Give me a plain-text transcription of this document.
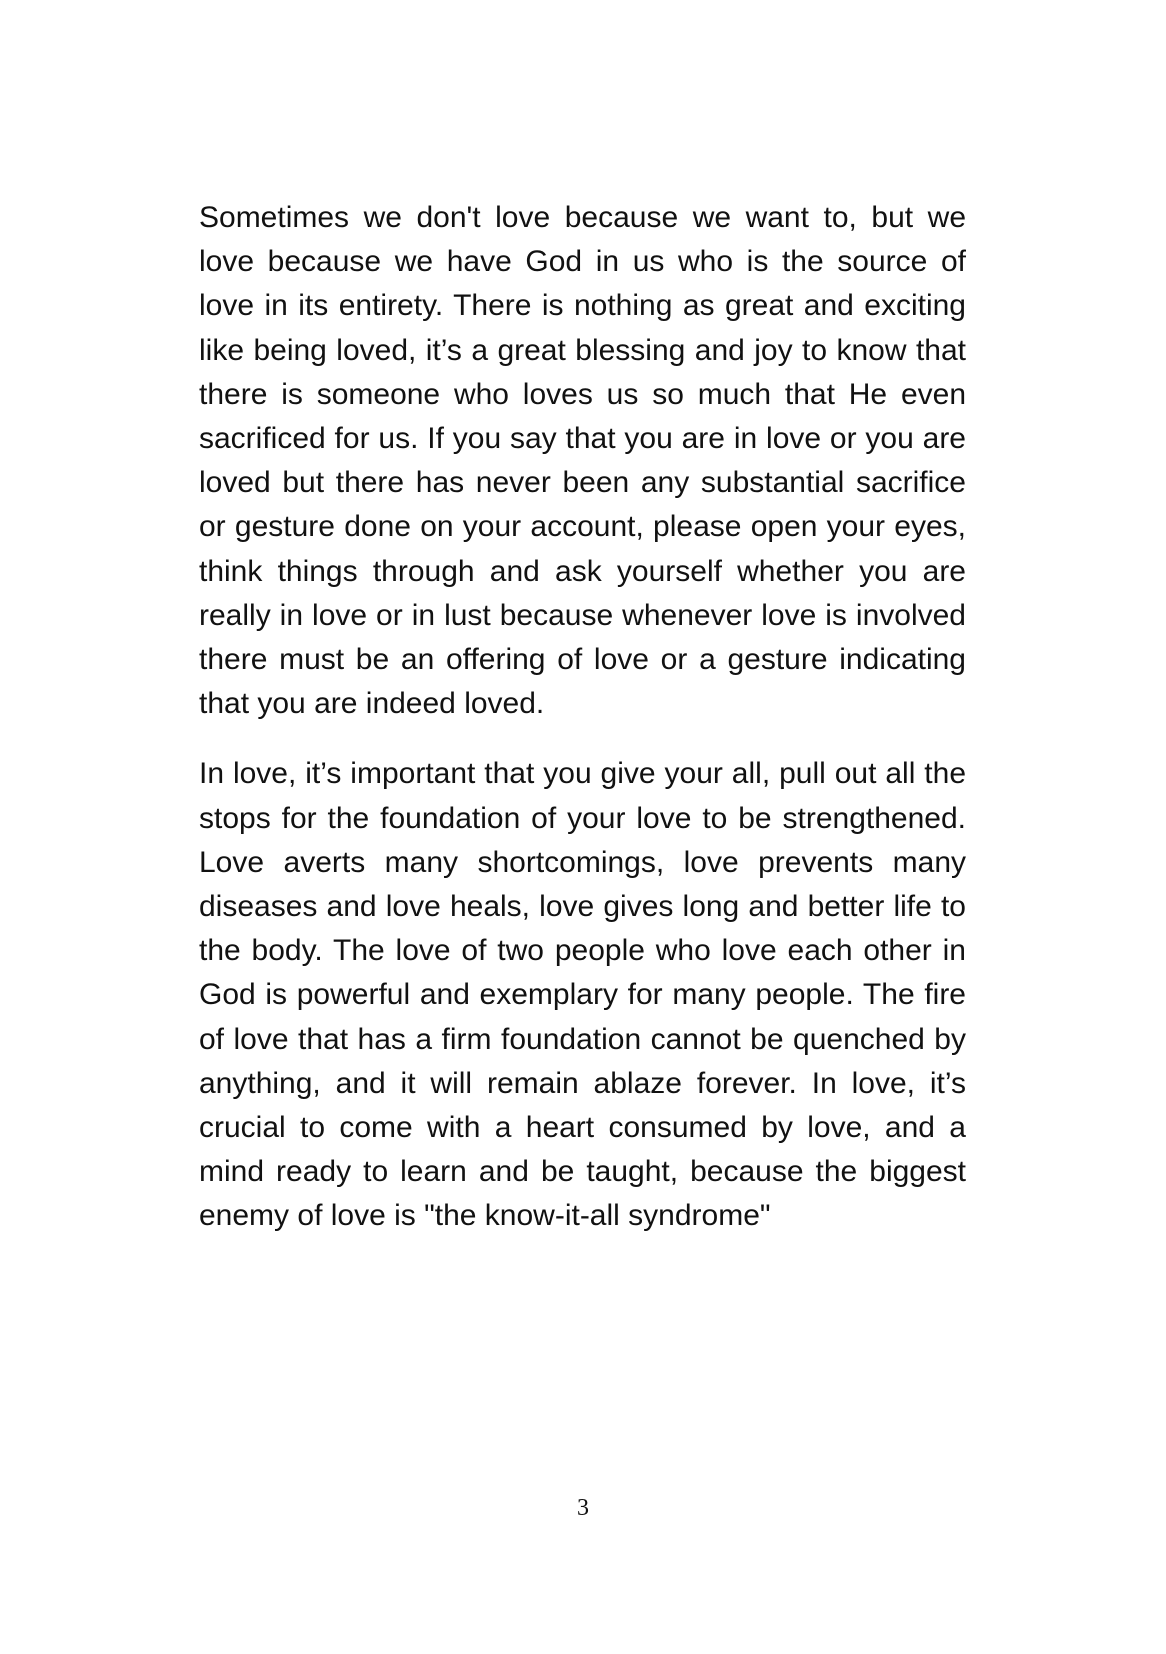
Sometimes we don't love because we want to, but we love because we have God in us who is the source of love in its entirety. There is nothing as great and exciting like being loved, it’s a great blessing and joy to know that there is someone who loves us so much that He even sacrificed for us. If you say that you are in love or you are loved but there has never been any substantial sacrifice or gesture done on your account, please open your eyes, think things through and ask yourself whether you are really in love or in lust because whenever love is involved there must be an offering of love or a gesture indicating that you are indeed loved.

In love, it’s important that you give your all, pull out all the stops for the foundation of your love to be strengthened. Love averts many shortcomings, love prevents many diseases and love heals, love gives long and better life to the body. The love of two people who love each other in God is powerful and exemplary for many people. The fire of love that has a firm foundation cannot be quenched by anything, and it will remain ablaze forever. In love, it’s crucial to come with a heart consumed by love, and a mind ready to learn and be taught, because the biggest enemy of love is "the know-it-all syndrome"

3
